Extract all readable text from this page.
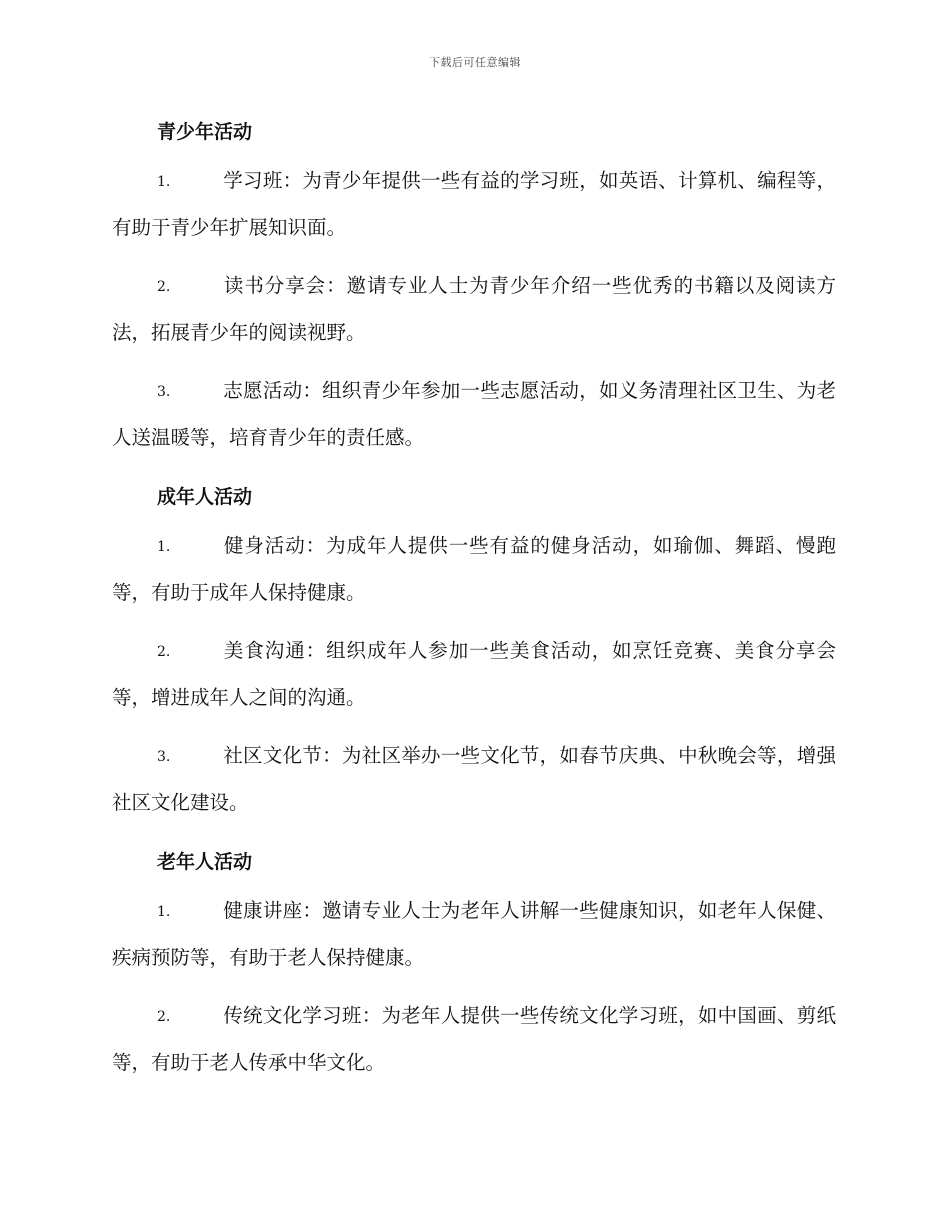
下载后可任意编辑
青少年活动
1.	学习班：为青少年提供一些有益的学习班，如英语、计算机、编程等，有助于青少年扩展知识面。
2.	读书分享会：邀请专业人士为青少年介绍一些优秀的书籍以及阅读方法，拓展青少年的阅读视野。
3.	志愿活动：组织青少年参加一些志愿活动，如义务清理社区卫生、为老人送温暖等，培育青少年的责任感。
成年人活动
1.	健身活动：为成年人提供一些有益的健身活动，如瑜伽、舞蹈、慢跑等，有助于成年人保持健康。
2.	美食沟通：组织成年人参加一些美食活动，如烹饪竞赛、美食分享会等，增进成年人之间的沟通。
3.	社区文化节：为社区举办一些文化节，如春节庆典、中秋晚会等，增强社区文化建设。
老年人活动
1.	健康讲座：邀请专业人士为老年人讲解一些健康知识，如老年人保健、疾病预防等，有助于老人保持健康。
2.	传统文化学习班：为老年人提供一些传统文化学习班，如中国画、剪纸等，有助于老人传承中华文化。
